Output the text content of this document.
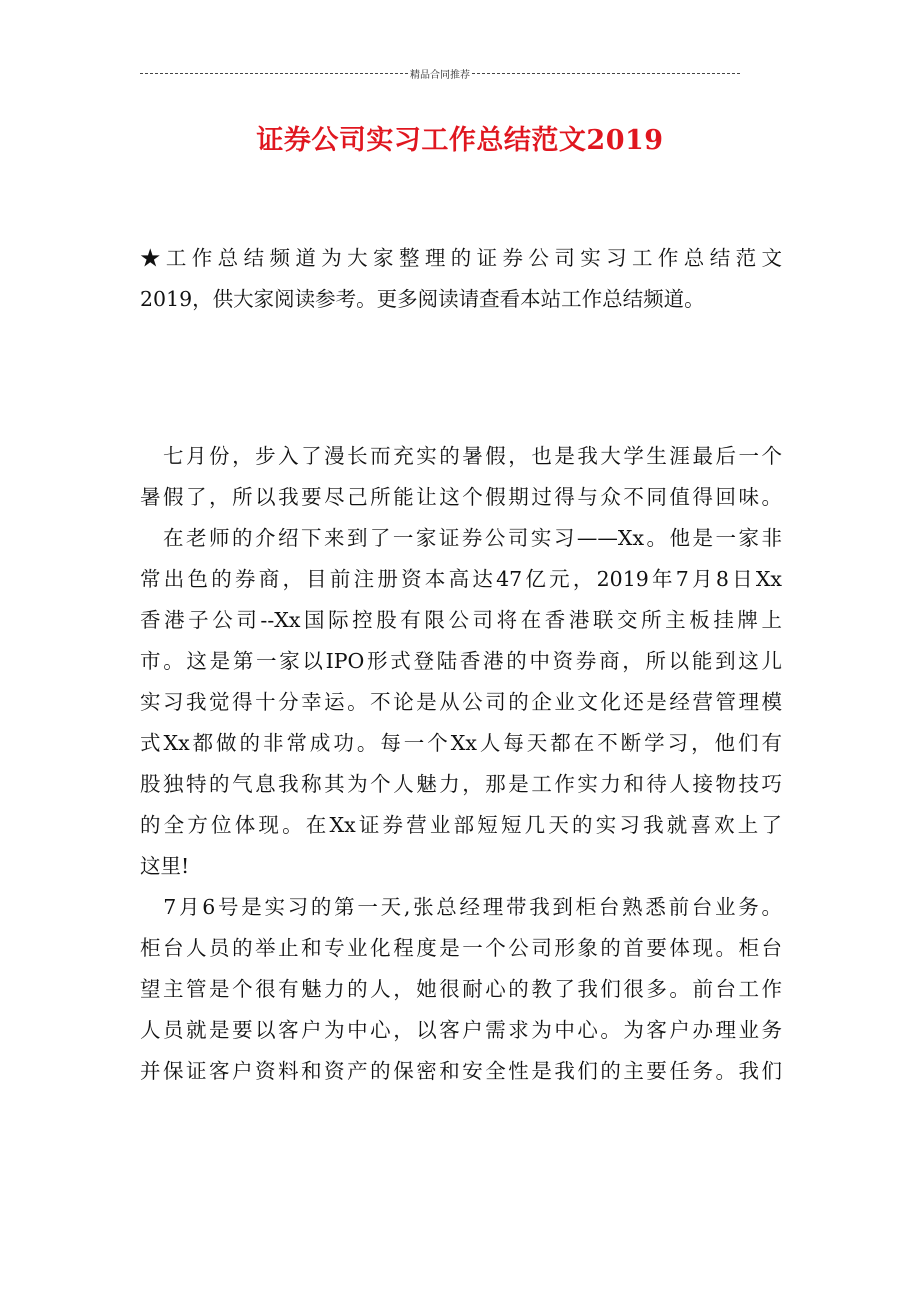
精品合同推荐
证券公司实习工作总结范文2019

★工作总结频道为大家整理的证券公司实习工作总结范文
2019，供大家阅读参考。更多阅读请查看本站工作总结频道。

　七月份，步入了漫长而充实的暑假，也是我大学生涯最后一个
暑假了，所以我要尽己所能让这个假期过得与众不同值得回味。

　在老师的介绍下来到了一家证券公司实习——Xx。他是一家非
常出色的券商，目前注册资本高达47亿元，2019年7月8日Xx
香港子公司--Xx国际控股有限公司将在香港联交所主板挂牌上
市。这是第一家以IPO形式登陆香港的中资券商，所以能到这儿
实习我觉得十分幸运。不论是从公司的企业文化还是经营管理模
式Xx都做的非常成功。每一个Xx人每天都在不断学习，他们有
股独特的气息我称其为个人魅力，那是工作实力和待人接物技巧
的全方位体现。在Xx证券营业部短短几天的实习我就喜欢上了
这里!

　7月6号是实习的第一天,张总经理带我到柜台熟悉前台业务。
柜台人员的举止和专业化程度是一个公司形象的首要体现。柜台
望主管是个很有魅力的人，她很耐心的教了我们很多。前台工作
人员就是要以客户为中心，以客户需求为中心。为客户办理业务
并保证客户资料和资产的保密和安全性是我们的主要任务。我们
